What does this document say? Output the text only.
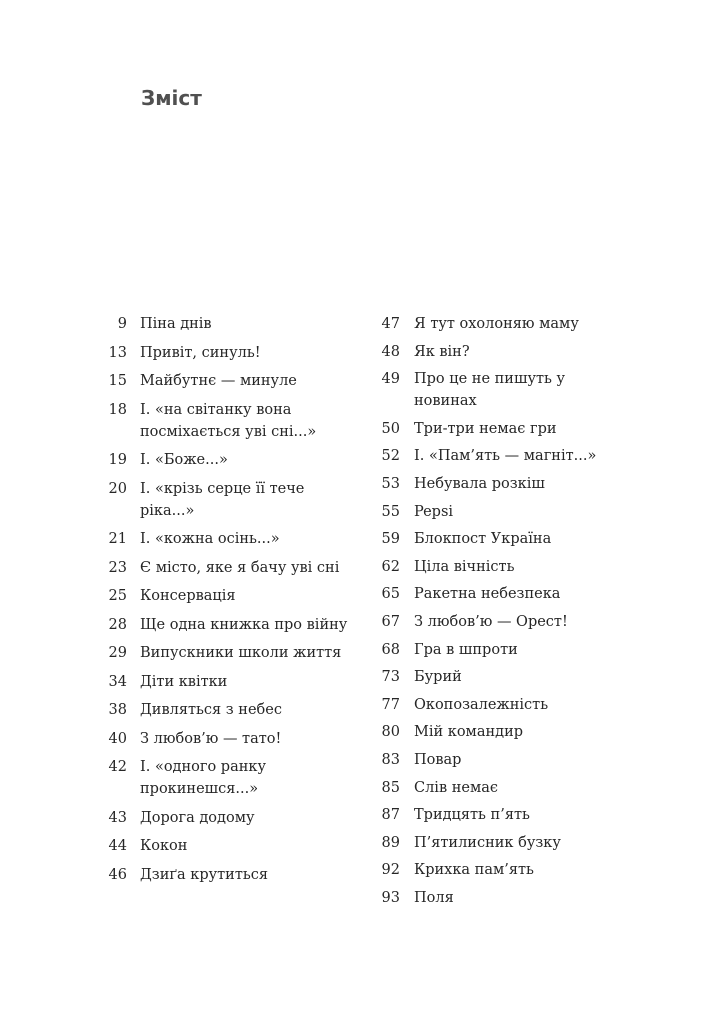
Зміст
9 Піна днів
13 Привіт, синуль!
15 Майбутнє — минуле
18 І. «на світанку вона посміхається уві сні...»
19 І. «Боже...»
20 І. «крізь серце її тече ріка...»
21 І. «кожна осінь...»
23 Є місто, яке я бачу уві сні
25 Консервація
28 Ще одна книжка про війну
29 Випускники школи життя
34 Діти квітки
38 Дивляться з небес
40 З любов’ю — тато!
42 І. «одного ранку прокинешся...»
43 Дорога додому
44 Кокон
46 Дзиґа крутиться
47 Я тут охолоняю маму
48 Як він?
49 Про це не пишуть у новинах
50 Три-три немає гри
52 І. «Пам’ять — магніт...»
53 Небувала розкіш
55 Pepsi
59 Блокпост Україна
62 Ціла вічність
65 Ракетна небезпека
67 З любов’ю — Орест!
68 Гра в шпроти
73 Бурий
77 Окопозалежність
80 Мій командир
83 Повар
85 Слів немає
87 Тридцять п’ять
89 П’ятилисник бузку
92 Крихка пам’ять
93 Поля
